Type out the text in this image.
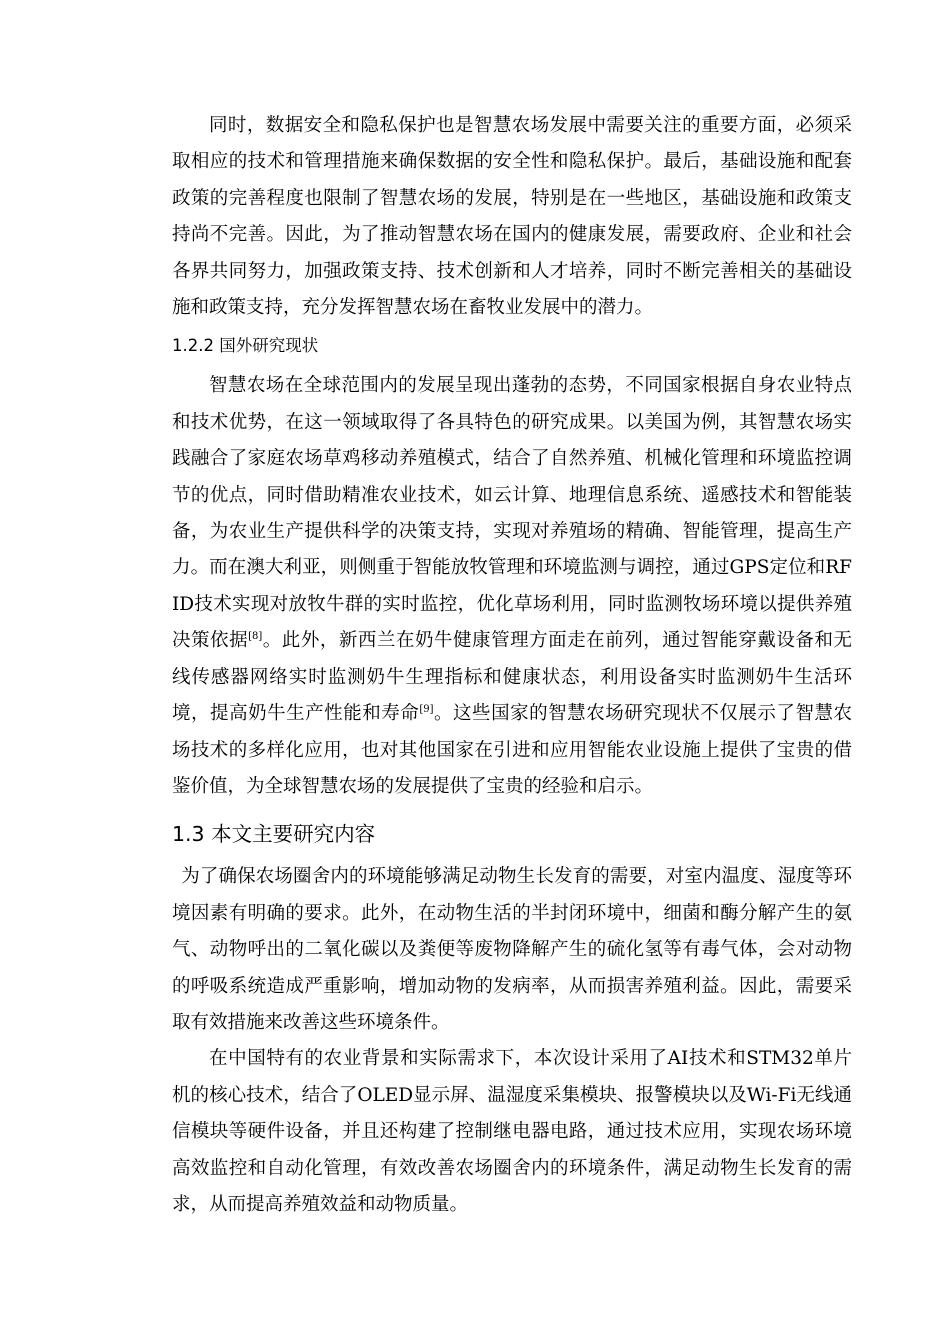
同时，数据安全和隐私保护也是智慧农场发展中需要关注的重要方面，必须采取相应的技术和管理措施来确保数据的安全性和隐私保护。最后，基础设施和配套政策的完善程度也限制了智慧农场的发展，特别是在一些地区，基础设施和政策支持尚不完善。因此，为了推动智慧农场在国内的健康发展，需要政府、企业和社会各界共同努力，加强政策支持、技术创新和人才培养，同时不断完善相关的基础设施和政策支持，充分发挥智慧农场在畜牧业发展中的潜力。

1.2.2 国外研究现状

智慧农场在全球范围内的发展呈现出蓬勃的态势，不同国家根据自身农业特点和技术优势，在这一领域取得了各具特色的研究成果。以美国为例，其智慧农场实践融合了家庭农场草鸡移动养殖模式，结合了自然养殖、机械化管理和环境监控调节的优点，同时借助精准农业技术，如云计算、地理信息系统、遥感技术和智能装备，为农业生产提供科学的决策支持，实现对养殖场的精确、智能管理，提高生产力。而在澳大利亚，则侧重于智能放牧管理和环境监测与调控，通过GPS定位和RFID技术实现对放牧牛群的实时监控，优化草场利用，同时监测牧场环境以提供养殖决策依据[8]。此外，新西兰在奶牛健康管理方面走在前列，通过智能穿戴设备和无线传感器网络实时监测奶牛生理指标和健康状态，利用设备实时监测奶牛生活环境，提高奶牛生产性能和寿命[9]。这些国家的智慧农场研究现状不仅展示了智慧农场技术的多样化应用，也对其他国家在引进和应用智能农业设施上提供了宝贵的借鉴价值，为全球智慧农场的发展提供了宝贵的经验和启示。

1.3 本文主要研究内容

为了确保农场圈舍内的环境能够满足动物生长发育的需要，对室内温度、湿度等环境因素有明确的要求。此外，在动物生活的半封闭环境中，细菌和酶分解产生的氨气、动物呼出的二氧化碳以及粪便等废物降解产生的硫化氢等有毒气体，会对动物的呼吸系统造成严重影响，增加动物的发病率，从而损害养殖利益。因此，需要采取有效措施来改善这些环境条件。

在中国特有的农业背景和实际需求下，本次设计采用了AI技术和STM32单片机的核心技术，结合了OLED显示屏、温湿度采集模块、报警模块以及Wi-Fi无线通信模块等硬件设备，并且还构建了控制继电器电路，通过技术应用，实现农场环境高效监控和自动化管理，有效改善农场圈舍内的环境条件，满足动物生长发育的需求，从而提高养殖效益和动物质量。
